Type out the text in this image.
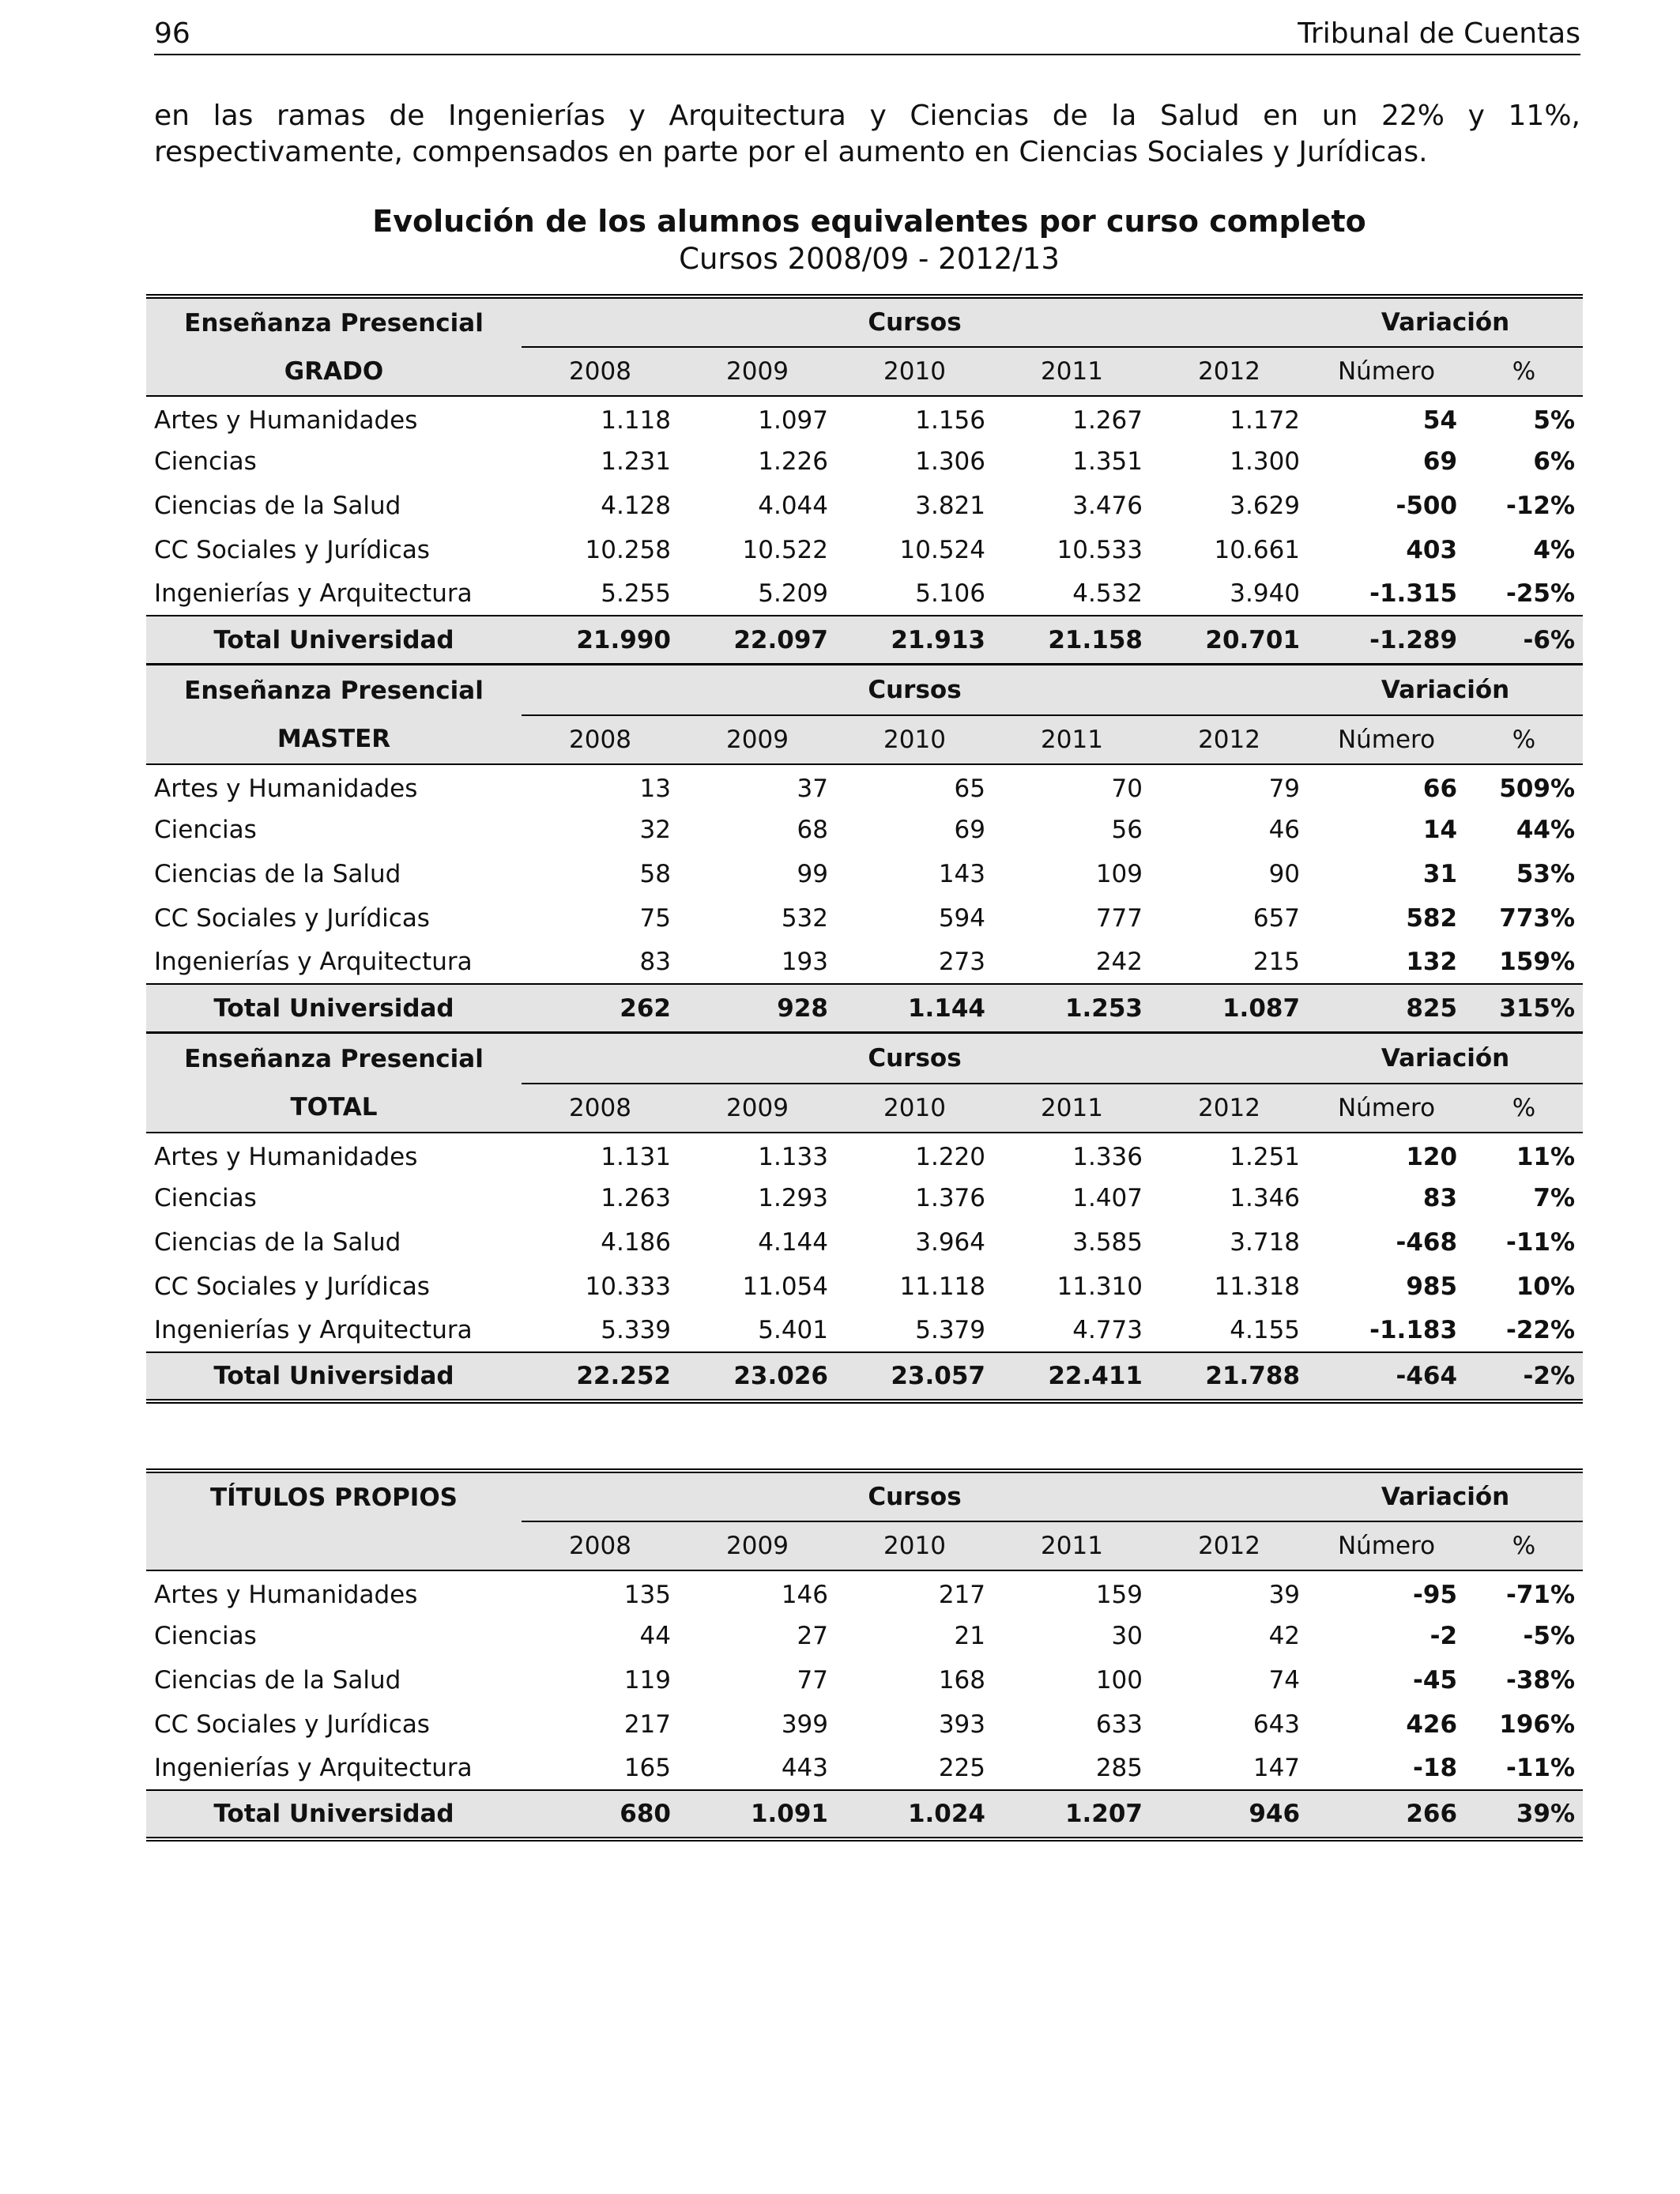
96	Tribunal de Cuentas
en las ramas de Ingenierías y Arquitectura y Ciencias de la Salud en un 22% y 11%,
respectivamente, compensados en parte por el aumento en Ciencias Sociales y Jurídicas.
Evolución de los alumnos equivalentes por curso completo
Cursos 2008/09 - 2012/13
Enseñanza Presencial	Cursos					Variación	
GRADO	2008	2009	2010	2011	2012	Número	%
Artes y Humanidades	1.118	1.097	1.156	1.267	1.172	54	5%
Ciencias	1.231	1.226	1.306	1.351	1.300	69	6%
Ciencias de la Salud	4.128	4.044	3.821	3.476	3.629	-500	-12%
CC Sociales y Jurídicas	10.258	10.522	10.524	10.533	10.661	403	4%
Ingenierías y Arquitectura	5.255	5.209	5.106	4.532	3.940	-1.315	-25%
Total Universidad	21.990	22.097	21.913	21.158	20.701	-1.289	-6%
Enseñanza Presencial	Cursos					Variación	
MASTER	2008	2009	2010	2011	2012	Número	%
Artes y Humanidades	13	37	65	70	79	66	509%
Ciencias	32	68	69	56	46	14	44%
Ciencias de la Salud	58	99	143	109	90	31	53%
CC Sociales y Jurídicas	75	532	594	777	657	582	773%
Ingenierías y Arquitectura	83	193	273	242	215	132	159%
Total Universidad	262	928	1.144	1.253	1.087	825	315%
Enseñanza Presencial	Cursos					Variación	
TOTAL	2008	2009	2010	2011	2012	Número	%
Artes y Humanidades	1.131	1.133	1.220	1.336	1.251	120	11%
Ciencias	1.263	1.293	1.376	1.407	1.346	83	7%
Ciencias de la Salud	4.186	4.144	3.964	3.585	3.718	-468	-11%
CC Sociales y Jurídicas	10.333	11.054	11.118	11.310	11.318	985	10%
Ingenierías y Arquitectura	5.339	5.401	5.379	4.773	4.155	-1.183	-22%
Total Universidad	22.252	23.026	23.057	22.411	21.788	-464	-2%
TÍTULOS PROPIOS	Cursos					Variación	
	2008	2009	2010	2011	2012	Número	%
Artes y Humanidades	135	146	217	159	39	-95	-71%
Ciencias	44	27	21	30	42	-2	-5%
Ciencias de la Salud	119	77	168	100	74	-45	-38%
CC Sociales y Jurídicas	217	399	393	633	643	426	196%
Ingenierías y Arquitectura	165	443	225	285	147	-18	-11%
Total Universidad	680	1.091	1.024	1.207	946	266	39%
